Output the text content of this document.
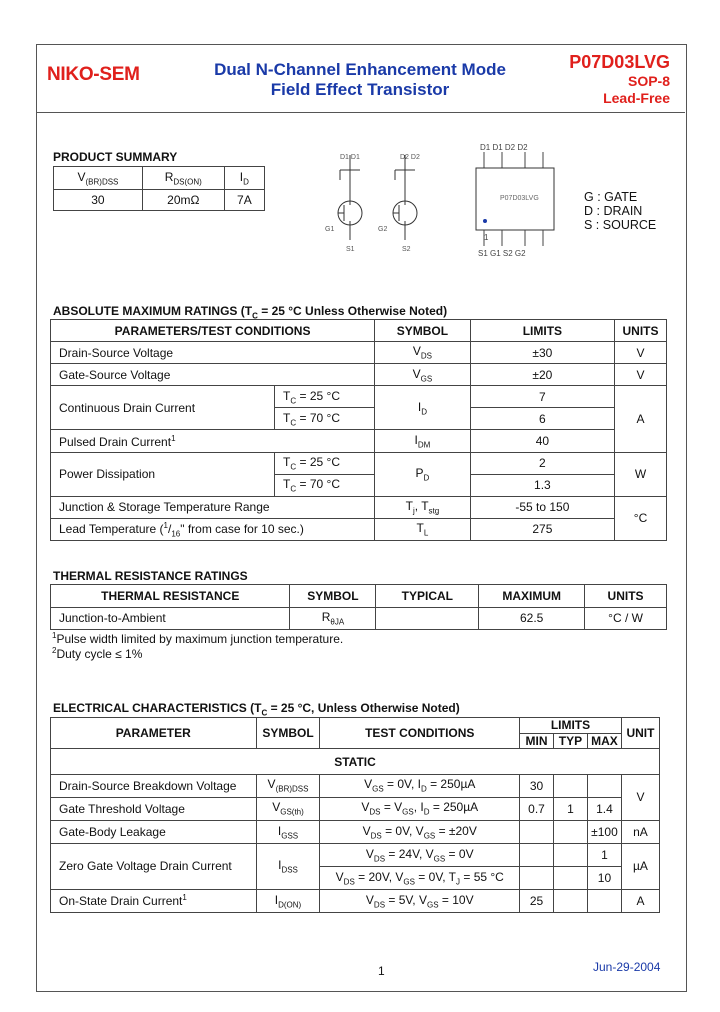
NIKO-SEM	Dual N-Channel Enhancement Mode
Field Effect Transistor
P07D03LVG
SOP-8
Lead-Free
PRODUCT SUMMARY
$V_{(BR)DSS}$	$R_{DS(ON)}$	$I_D$
30	20mΩ	7A
D1 D1	D2 D2
G1	G2
S1	S2
D1 D1 D2 D2
P07D03LVG
1
S1 G1 S2 G2
G : GATE
D : DRAIN
S : SOURCE
ABSOLUTE MAXIMUM RATINGS ($T_C = 25$ °C Unless Otherwise Noted)
PARAMETERS/TEST CONDITIONS		SYMBOL	LIMITS	UNITS
Drain-Source Voltage		$V_{DS}$	±30	V
Gate-Source Voltage		$V_{GS}$	±20	V
Continuous Drain Current	$T_C = 25$ °C	$I_D$	7	A
	$T_C = 70$ °C		6	
Pulsed Drain Current$^1$		$I_{DM}$	40	
Power Dissipation	$T_C = 25$ °C	$P_D$	2	W
	$T_C = 70$ °C		1.3	
Junction & Storage Temperature Range		$T_j$, $T_{stg}$	-55 to 150	°C
Lead Temperature ($^1/_{16}$" from case for 10 sec.)		$T_L$	275	
THERMAL RESISTANCE RATINGS
THERMAL RESISTANCE	SYMBOL	TYPICAL	MAXIMUM	UNITS
Junction-to-Ambient	$R_{\theta JA}$		62.5	°C / W
$^1$Pulse width limited by maximum junction temperature.
$^2$Duty cycle ≤ 1%
ELECTRICAL CHARACTERISTICS ($T_C = 25$ °C, Unless Otherwise Noted)
PARAMETER	SYMBOL	TEST CONDITIONS	LIMITS			UNIT
			MIN	TYP	MAX	
STATIC						
Drain-Source Breakdown Voltage	$V_{(BR)DSS}$	$V_{GS} = 0V$, $I_D = 250\mu A$	30			V
Gate Threshold Voltage	$V_{GS(th)}$	$V_{DS} = V_{GS}$, $I_D = 250\mu A$	0.7	1	1.4	
Gate-Body Leakage	$I_{GSS}$	$V_{DS} = 0V$, $V_{GS} = \pm 20V$			±100	nA
Zero Gate Voltage Drain Current	$I_{DSS}$	$V_{DS} = 24V$, $V_{GS} = 0V$			1	µA
		$V_{DS} = 20V$, $V_{GS} = 0V$, $T_J = 55$ °C			10	
On-State Drain Current$^1$	$I_{D(ON)}$	$V_{DS} = 5V$, $V_{GS} = 10V$	25			A
1	Jun-29-2004
